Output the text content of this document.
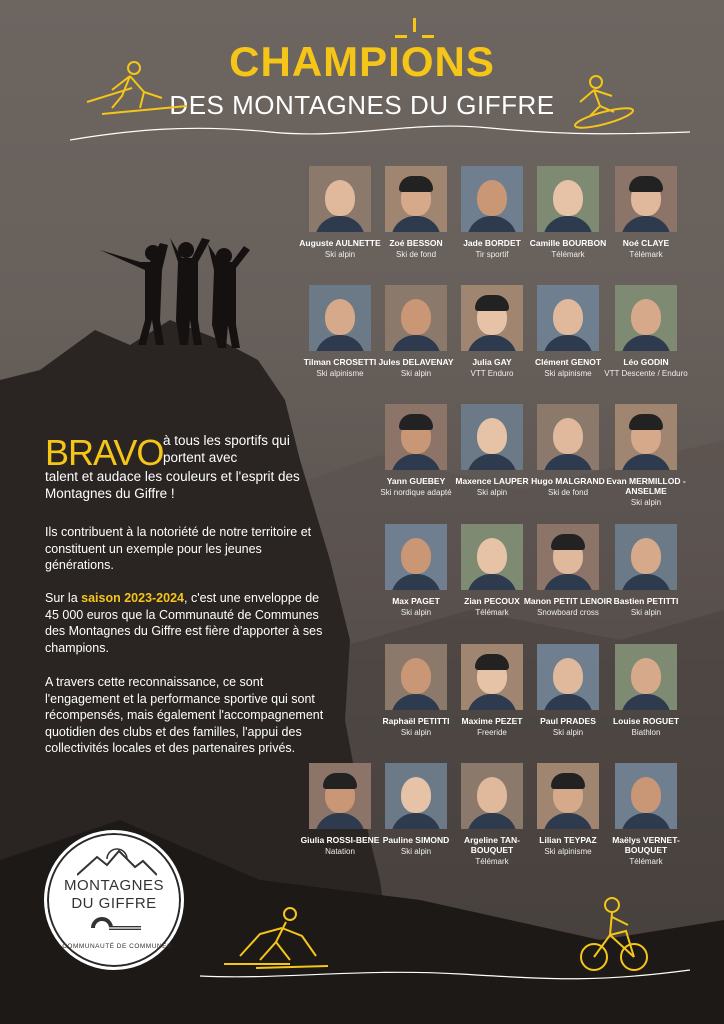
CHAMPIONS
DES MONTAGNES DU GIFFRE
Auguste AULNETTE
Ski alpin
Zoé BESSON
Ski de fond
Jade BORDET
Tir sportif
Camille BOURBON
Télémark
Noé CLAYE
Télémark
Tilman CROSETTI
Ski alpinisme
Jules DELAVENAY
Ski alpin
Julia GAY
VTT Enduro
Clément GENOT
Ski alpinisme
Léo GODIN
VTT Descente / Enduro
Yann GUEBEY
Ski nordique adapté
Maxence LAUPER
Ski alpin
Hugo MALGRAND
Ski de fond
Evan MERMILLOD - ANSELME
Ski alpin
Max PAGET
Ski alpin
Zian PECOUX
Télémark
Manon PETIT LENOIR
Snowboard cross
Bastien PETITTI
Ski alpin
Raphaël PETITTI
Ski alpin
Maxime PEZET
Freeride
Paul PRADES
Ski alpin
Louise ROGUET
Biathlon
Giulia ROSSI-BENE
Natation
Pauline SIMOND
Ski alpin
Argeline TAN-BOUQUET
Télémark
Lilian TEYPAZ
Ski alpinisme
Maëlys VERNET-BOUQUET
Télémark
BRAVO à tous les sportifs qui portent avec
talent et audace les couleurs et l'esprit des Montagnes du Giffre !
Ils contribuent à la notoriété de notre territoire et constituent un exemple pour les jeunes générations.
Sur la saison 2023-2024, c'est une enveloppe de 45 000 euros que la Communauté de Communes des Montagnes du Giffre est fière d'apporter à ses champions.
A travers cette reconnaissance, ce sont l'engagement et la performance sportive qui sont récompensés, mais également l'accompagnement quotidien des clubs et des familles, l'appui des collectivités locales et des partenaires privés.
MONTAGNES
DU GIFFRE
COMMUNAUTÉ DE COMMUNES
